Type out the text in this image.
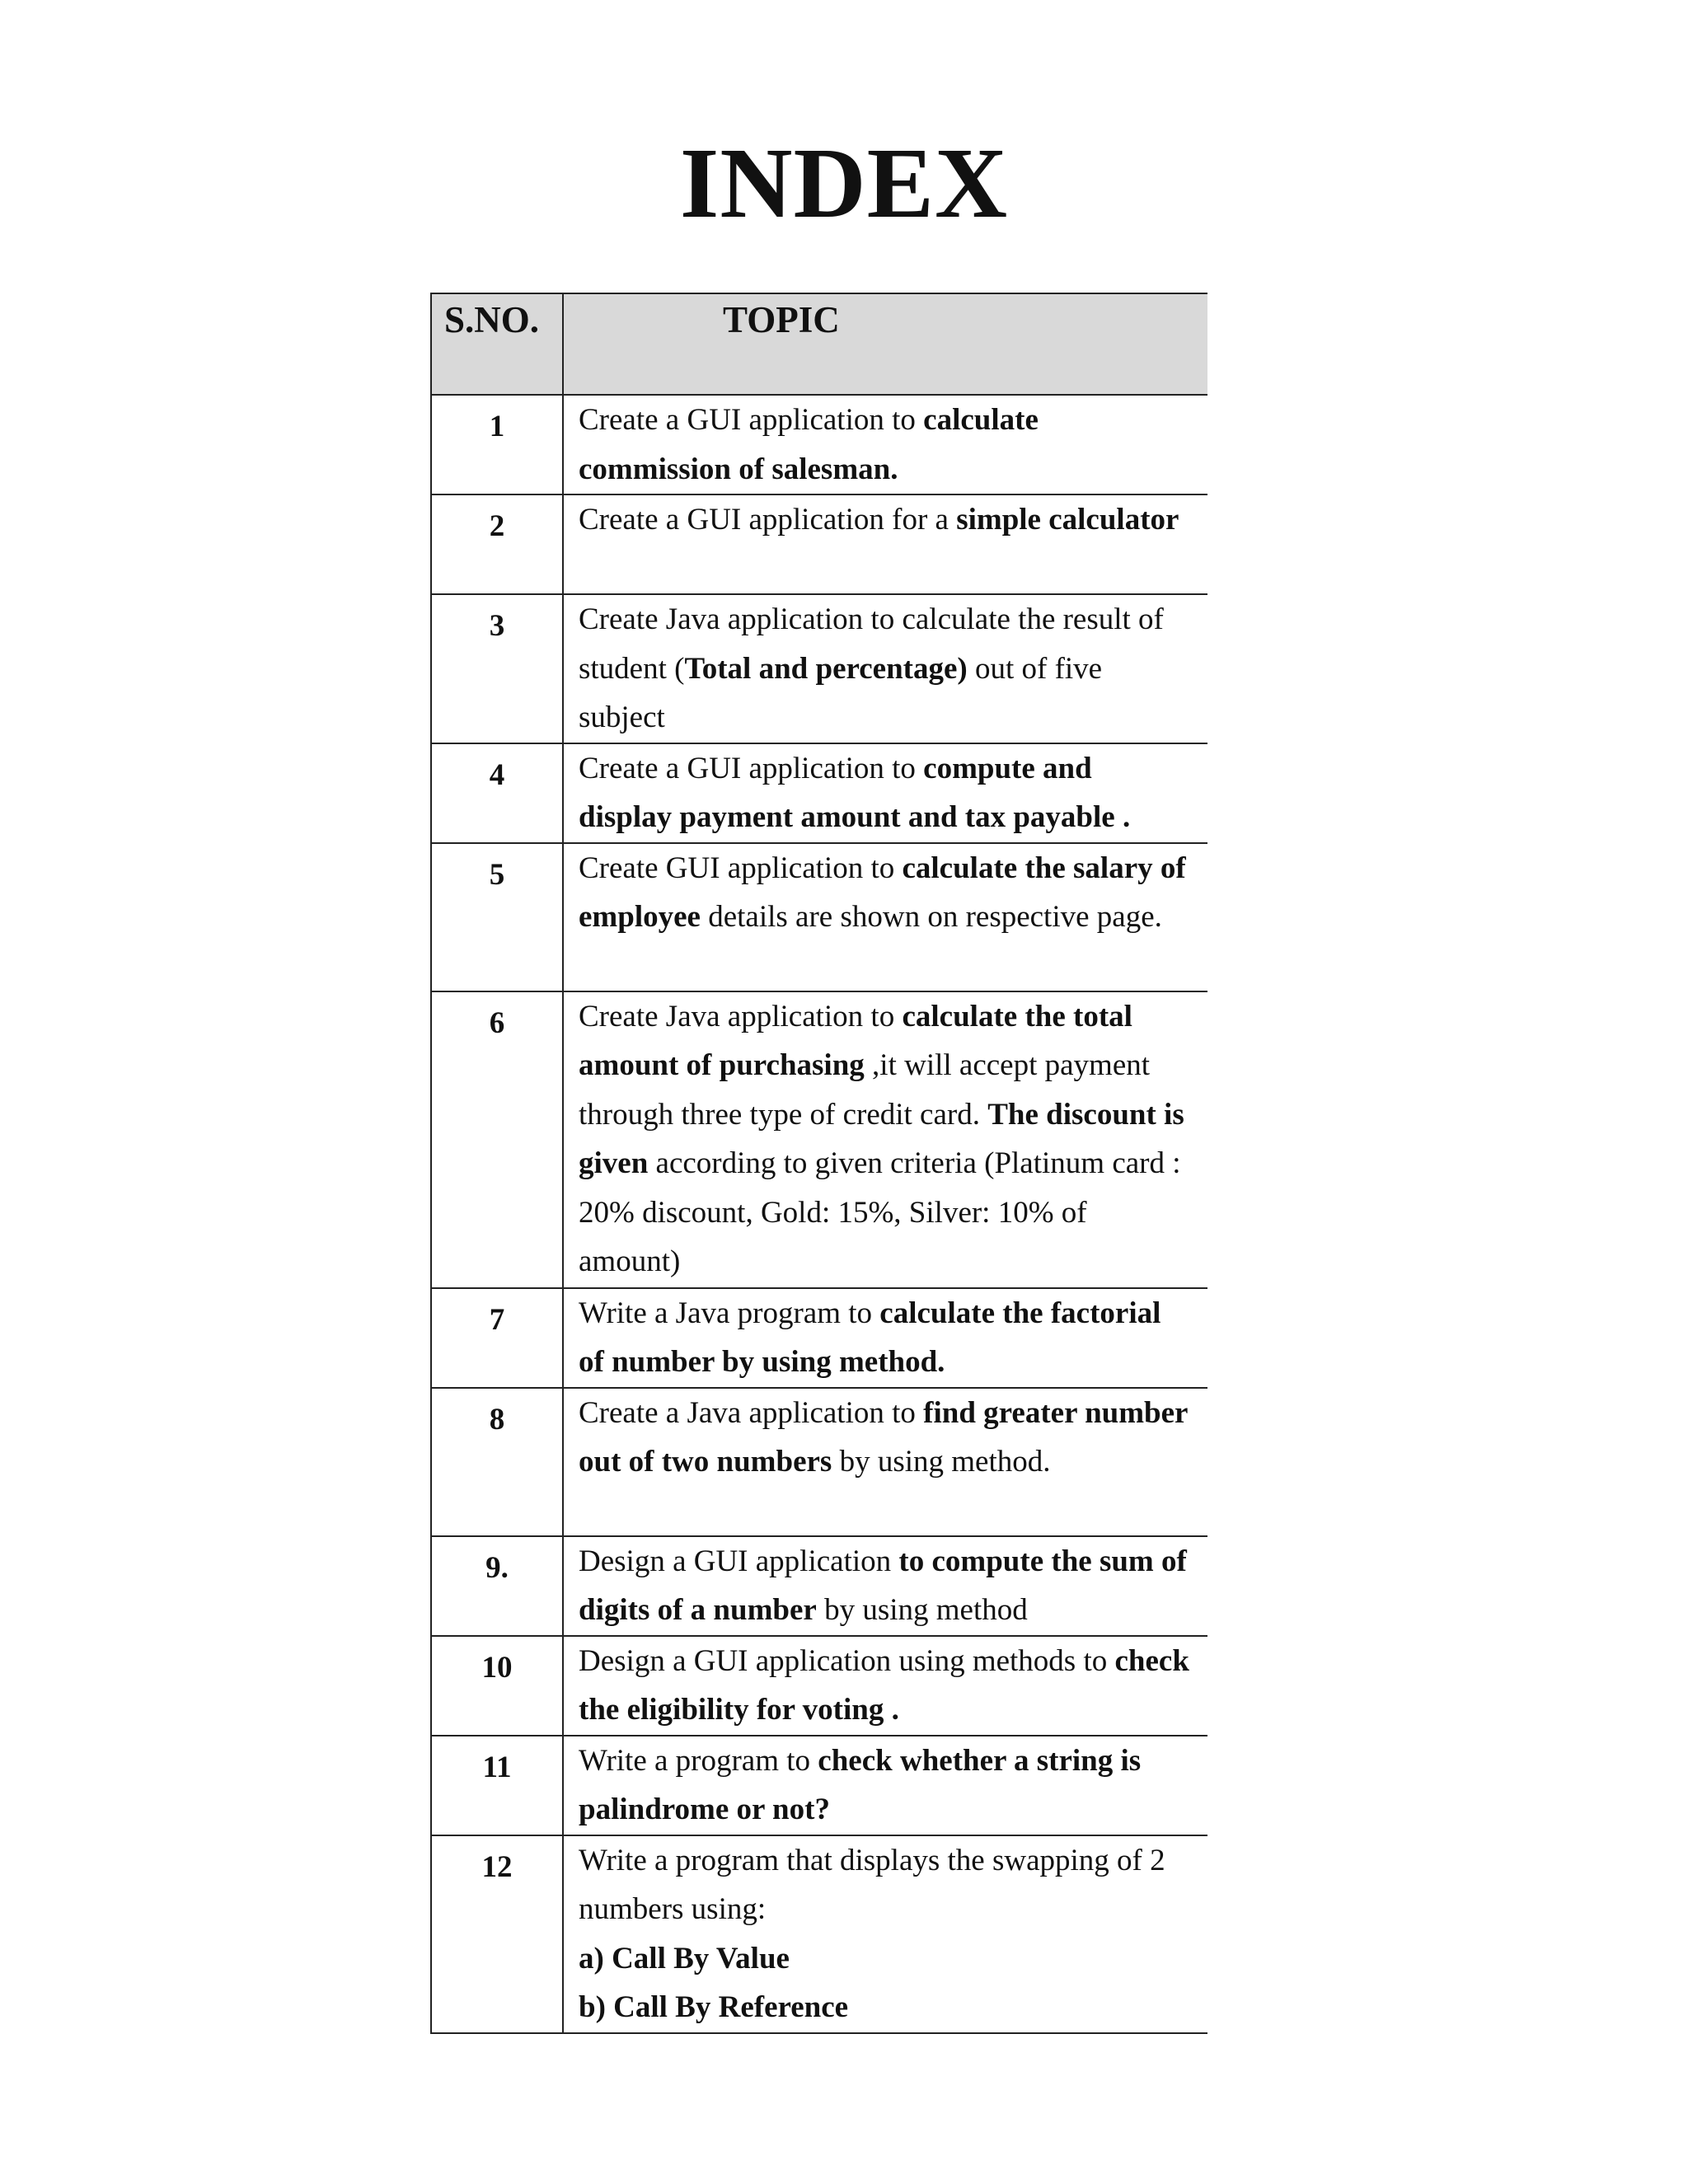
INDEX
S.NO.	TOPIC
1	Create a GUI application to calculate commission of salesman.
2	Create a GUI application for a simple calculator
3	Create Java application to calculate the result of student (Total and percentage) out of five subject
4	Create a GUI application to compute and display payment amount and tax payable .
5	Create GUI application to calculate the salary of employee details are shown on respective page.
6	Create Java application to calculate the total amount of purchasing ,it will accept payment through three type of credit card. The discount is given according to given criteria (Platinum card : 20% discount, Gold: 15%, Silver: 10% of amount)
7	Write a Java program to calculate the factorial of number by using method.
8	Create a Java application to find greater number out of two numbers by using method.
9.	Design a GUI application to compute the sum of digits of a number by using method
10	Design a GUI application using methods to check the eligibility for voting .
11	Write a program to check whether a string is palindrome or not?
12	Write a program that displays the swapping of 2 numbers using:
a) Call By Value
b) Call By Reference
